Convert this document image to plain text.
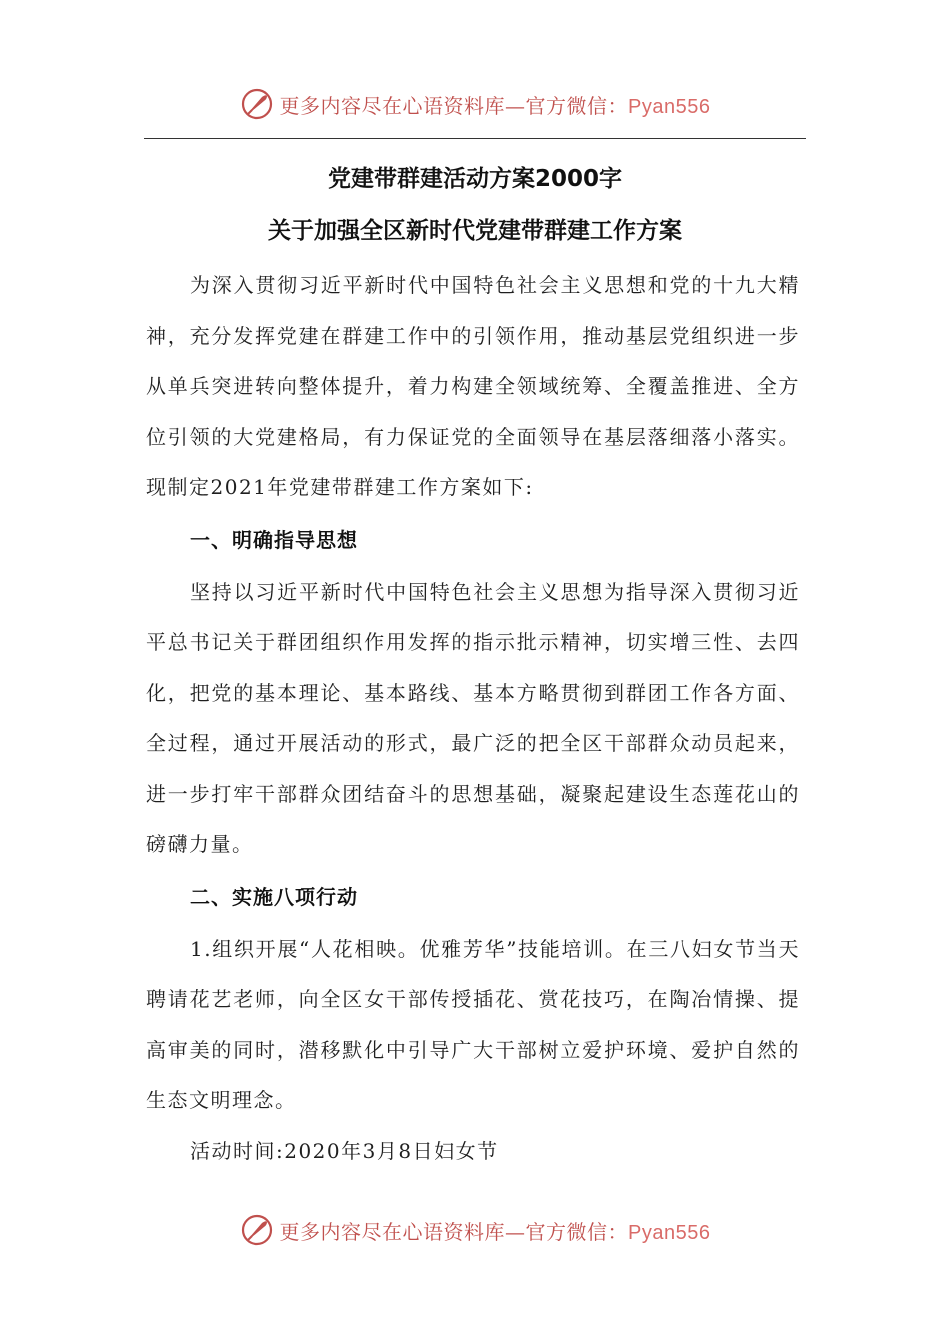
更多内容尽在心语资料库—官方微信：Pyan556
党建带群建活动方案2000字
关于加强全区新时代党建带群建工作方案

为深入贯彻习近平新时代中国特色社会主义思想和党的十九大精神，充分发挥党建在群建工作中的引领作用，推动基层党组织进一步从单兵突进转向整体提升，着力构建全领域统筹、全覆盖推进、全方位引领的大党建格局，有力保证党的全面领导在基层落细落小落实。现制定2021年党建带群建工作方案如下:

一、明确指导思想

坚持以习近平新时代中国特色社会主义思想为指导深入贯彻习近平总书记关于群团组织作用发挥的指示批示精神，切实增三性、去四化，把党的基本理论、基本路线、基本方略贯彻到群团工作各方面、全过程，通过开展活动的形式，最广泛的把全区干部群众动员起来，进一步打牢干部群众团结奋斗的思想基础，凝聚起建设生态莲花山的磅礴力量。

二、实施八项行动

1.组织开展“人花相映。优雅芳华”技能培训。在三八妇女节当天聘请花艺老师，向全区女干部传授插花、赏花技巧，在陶冶情操、提高审美的同时，潜移默化中引导广大干部树立爱护环境、爱护自然的生态文明理念。

活动时间:2020年3月8日妇女节

更多内容尽在心语资料库—官方微信：Pyan556
